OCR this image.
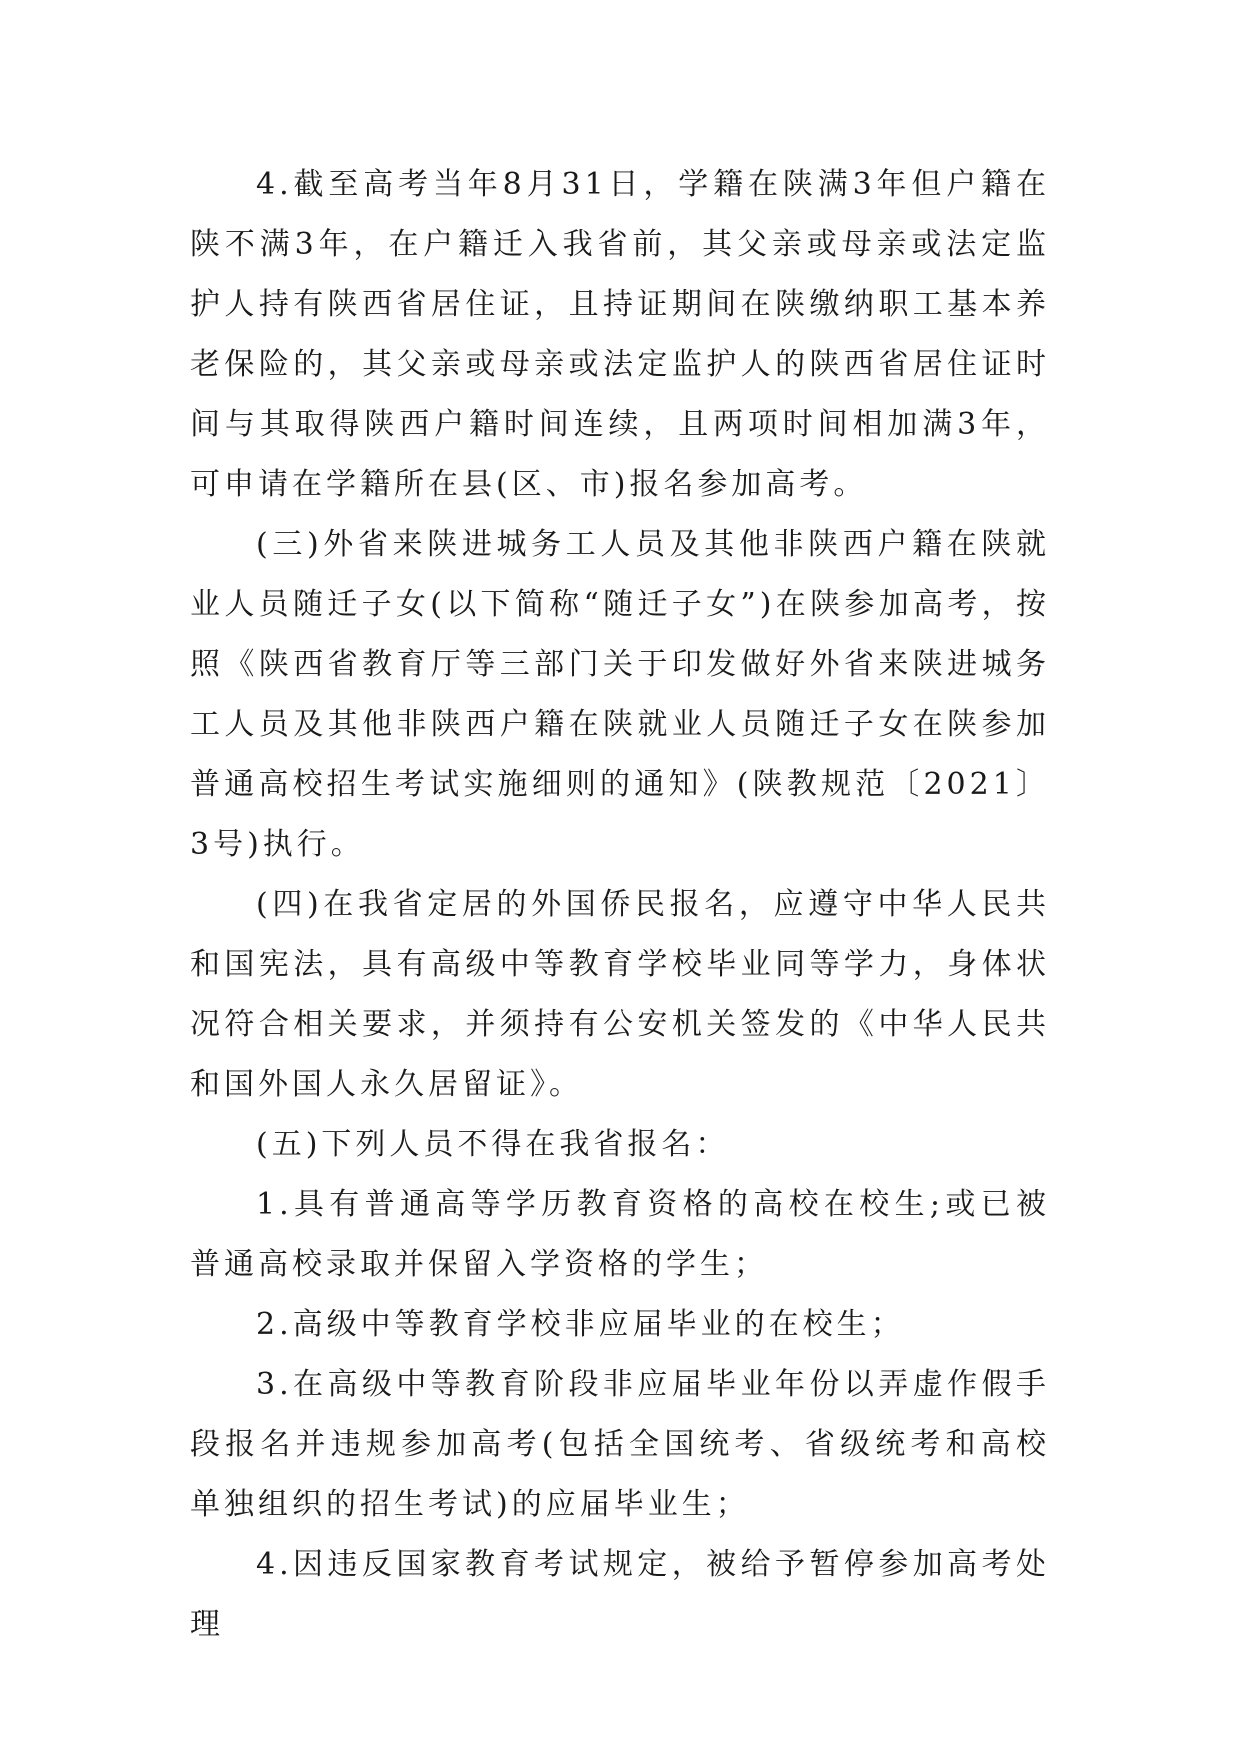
4.截至高考当年8月31日，学籍在陕满3年但户籍在陕不满3年，在户籍迁入我省前，其父亲或母亲或法定监护人持有陕西省居住证，且持证期间在陕缴纳职工基本养老保险的，其父亲或母亲或法定监护人的陕西省居住证时间与其取得陕西户籍时间连续，且两项时间相加满3年，可申请在学籍所在县(区、市)报名参加高考。

(三)外省来陕进城务工人员及其他非陕西户籍在陕就业人员随迁子女(以下简称“随迁子女”)在陕参加高考，按照《陕西省教育厅等三部门关于印发做好外省来陕进城务工人员及其他非陕西户籍在陕就业人员随迁子女在陕参加普通高校招生考试实施细则的通知》(陕教规范〔2021〕3号)执行。

(四)在我省定居的外国侨民报名，应遵守中华人民共和国宪法，具有高级中等教育学校毕业同等学力，身体状况符合相关要求，并须持有公安机关签发的《中华人民共和国外国人永久居留证》。

(五)下列人员不得在我省报名：

1.具有普通高等学历教育资格的高校在校生;或已被普通高校录取并保留入学资格的学生；

2.高级中等教育学校非应届毕业的在校生；

3.在高级中等教育阶段非应届毕业年份以弄虚作假手段报名并违规参加高考(包括全国统考、省级统考和高校单独组织的招生考试)的应届毕业生；

4.因违反国家教育考试规定，被给予暂停参加高考处理
